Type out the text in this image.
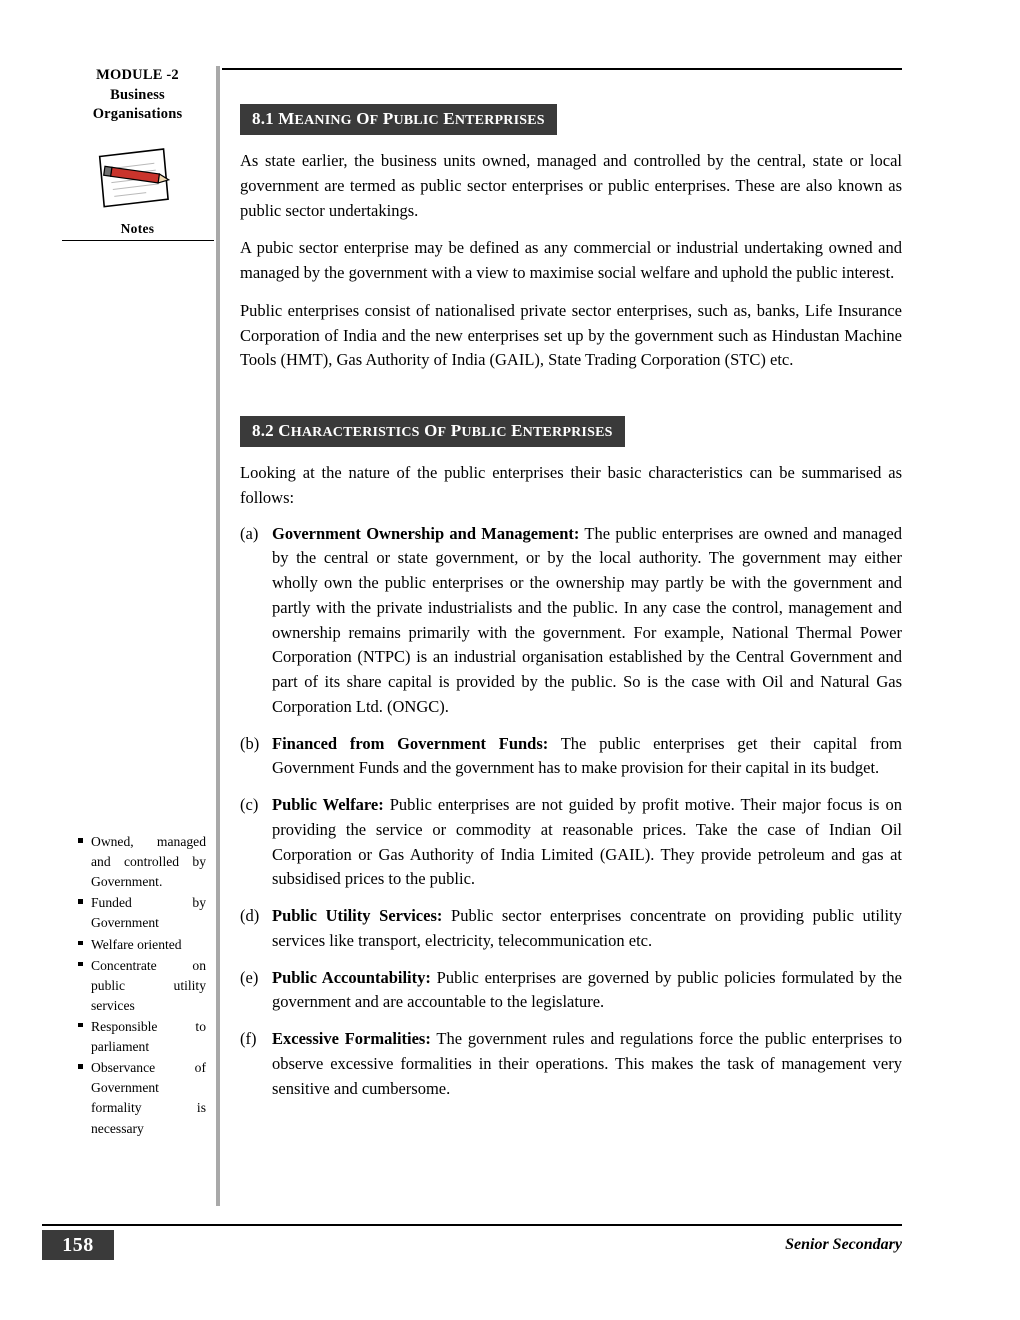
MODULE -2
Business
Organisations
Notes
Owned, managed and controlled by Government.
Funded by Government
Welfare oriented
Concentrate on public utility services
Responsible to parliament
Observance of Government formality is necessary
8.1 MEANING OF PUBLIC ENTERPRISES

As state earlier, the business units owned, managed and controlled by the central, state or local government are termed as public sector enterprises or public enterprises. These are also known as public sector undertakings.

A pubic sector enterprise may be defined as any commercial or industrial undertaking owned and managed by the government with a view to maximise social welfare and uphold the public interest.

Public enterprises consist of nationalised private sector enterprises, such as, banks, Life Insurance Corporation of India and the new enterprises set up by the government such as Hindustan Machine Tools (HMT), Gas Authority of India (GAIL), State Trading Corporation (STC) etc.

8.2 CHARACTERISTICS OF PUBLIC ENTERPRISES

Looking at the nature of the public enterprises their basic characteristics can be summarised as follows:

(a) Government Ownership and Management: The public enterprises are owned and managed by the central or state government, or by the local authority. The government may either wholly own the public enterprises or the ownership may partly be with the government and partly with the private industrialists and the public. In any case the control, management and ownership remains primarily with the government. For example, National Thermal Power Corporation (NTPC) is an industrial organisation established by the Central Government and part of its share capital is provided by the public. So is the case with Oil and Natural Gas Corporation Ltd. (ONGC).
(b) Financed from Government Funds: The public enterprises get their capital from Government Funds and the government has to make provision for their capital in its budget.
(c) Public Welfare: Public enterprises are not guided by profit motive. Their major focus is on providing the service or commodity at reasonable prices. Take the case of Indian Oil Corporation or Gas Authority of India Limited (GAIL). They provide petroleum and gas at subsidised prices to the public.
(d) Public Utility Services: Public sector enterprises concentrate on providing public utility services like transport, electricity, telecommunication etc.
(e) Public Accountability: Public enterprises are governed by public policies formulated by the government and are accountable to the legislature.
(f) Excessive Formalities: The government rules and regulations force the public enterprises to observe excessive formalities in their operations. This makes the task of management very sensitive and cumbersome.
158	Senior Secondary
